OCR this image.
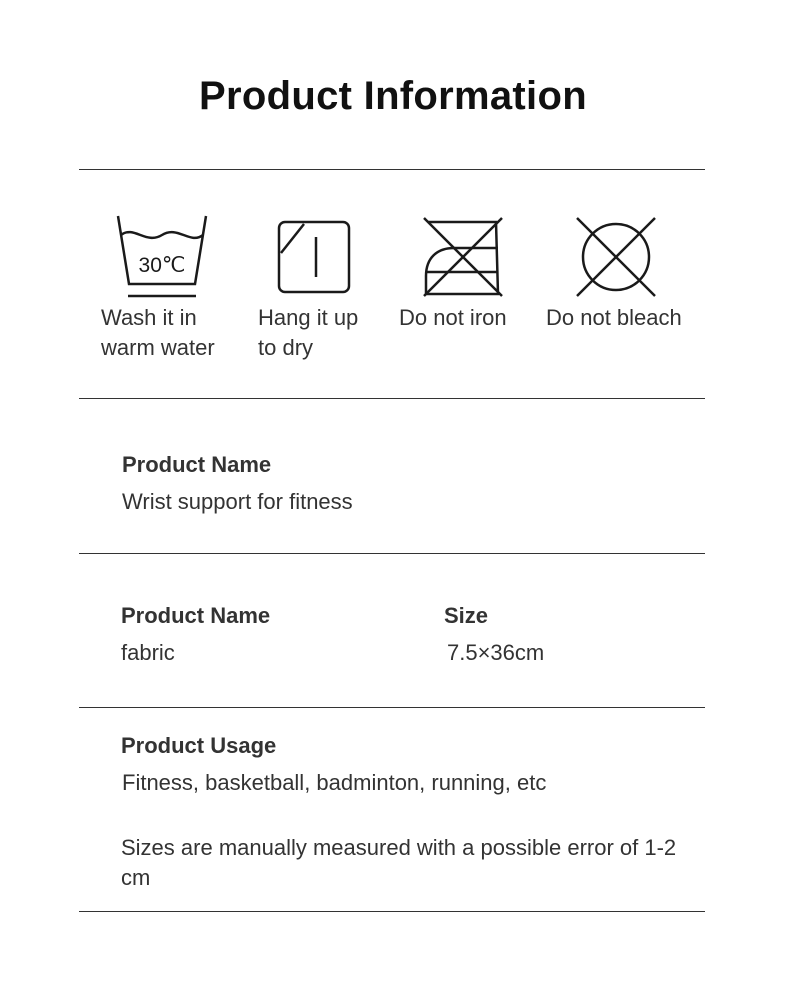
Product Information
30℃
Wash it in
warm water
Hang it up
to dry
Do not iron Do not bleach
Product Name
Wrist support for fitness
Product Name
fabric
Size
7.5×36cm
Product Usage
Fitness, basketball, badminton, running, etc
Sizes are manually measured with a possible error of 1-2 cm
